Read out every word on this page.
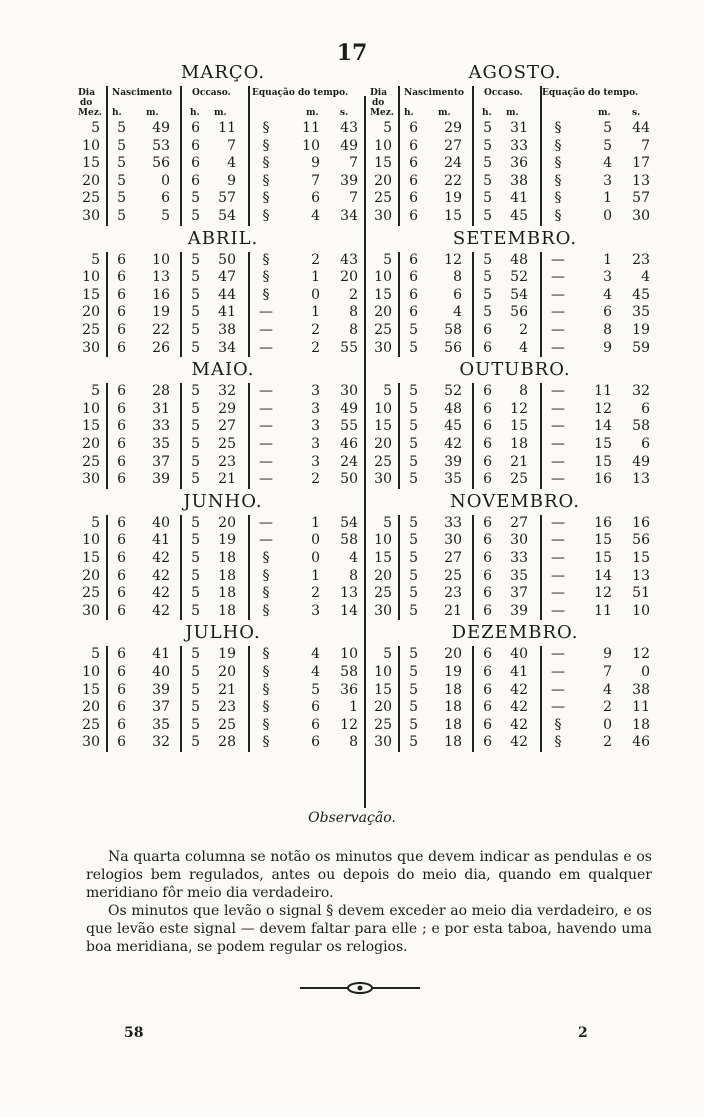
17
MARÇO.
Dia
do
Mez.
Nascimento Occaso. Equação do tempo.
h.	m.	h. m.	m. s.
5	5	49	6	11	§	11	43
10	5	53	6	7	§	10	49
15	5	56	6	4	§	9	7
20	5	0	6	9	§	7	39
25	5	6	5	57	§	6	7
30	5	5	5	54	§	4	34
ABRIL.
5	6	10	5	50	§	2	43
10	6	13	5	47	§	1	20
15	6	16	5	44	§	0	2
20	6	19	5	41 —	1	8
25	6	22	5	38 —	2	8
30	6	26	5	34 —	2	55
MAIO.
5	6	28	5	32 —	3	30
10	6	31	5	29 —	3	49
15	6	33	5	27 —	3	55
20	6	35	5	25 —	3	46
25	6	37	5	23 —	3	24
30	6	39	5	21 —	2	50
JUNHO.
5	6	40	5	20 —	1	54
10	6	41	5	19 —	0	58
15	6	42	5	18	§	0	4
20	6	42	5	18	§	1	8
25	6	42	5	18	§	2	13
30	6	42	5	18	§	3	14
JULHO.
5	6	41	5	19	§	4	10
10	6	40	5	20	§	4	58
15	6	39	5	21	§	5	36
20	6	37	5	23	§	6	1
25	6	35	5	25	§	6	12
30	6	32	5	28	§	6	8
AGOSTO.
Dia
do
Mez.
Nascimento Occaso. Equação do tempo.
h.	m.	h. m.	m. s.
5	6	29	5	31	§	5	44
10	6	27	5	33	§	5	7
15	6	24	5	36	§	4	17
20	6	22	5	38	§	3	13
25	6	19	5	41	§	1	57
30	6	15	5	45	§	0	30
SETEMBRO.
5	6	12	5	48 —	1	23
10	6	8	5	52 —	3	4
15	6	6	5	54 —	4	45
20	6	4	5	56 —	6	35
25	5	58	6	2 —	8	19
30	5	56	6	4 —	9	59
OUTUBRO.
5	5	52	6	8 —	11	32
10	5	48	6	12 —	12	6
15	5	45	6	15 —	14	58
20	5	42	6	18 —	15	6
25	5	39	6	21 —	15	49
30	5	35	6	25 —	16	13
NOVEMBRO.
5	5	33	6	27 —	16	16
10	5	30	6	30 —	15	56
15	5	27	6	33 —	15	15
20	5	25	6	35 —	14	13
25	5	23	6	37 —	12	51
30	5	21	6	39 —	11	10
DEZEMBRO.
5	5	20	6	40 —	9	12
10	5	19	6	41 —	7	0
15	5	18	6	42 —	4	38
20	5	18	6	42 —	2	11
25	5	18	6	42	§	0	18
30	5	18	6	42	§	2	46
Observação.

Na quarta columna se notão os minutos que devem indicar as pendulas e os relogios bem regulados, antes ou depois do meio dia, quando em qualquer meridiano fôr meio dia verdadeiro.

Os minutos que levão o signal § devem exceder ao meio dia verdadeiro, e os que levão este signal — devem faltar para elle ; e por esta taboa, havendo uma boa meridiana, se podem regular os relogios.

58	2
